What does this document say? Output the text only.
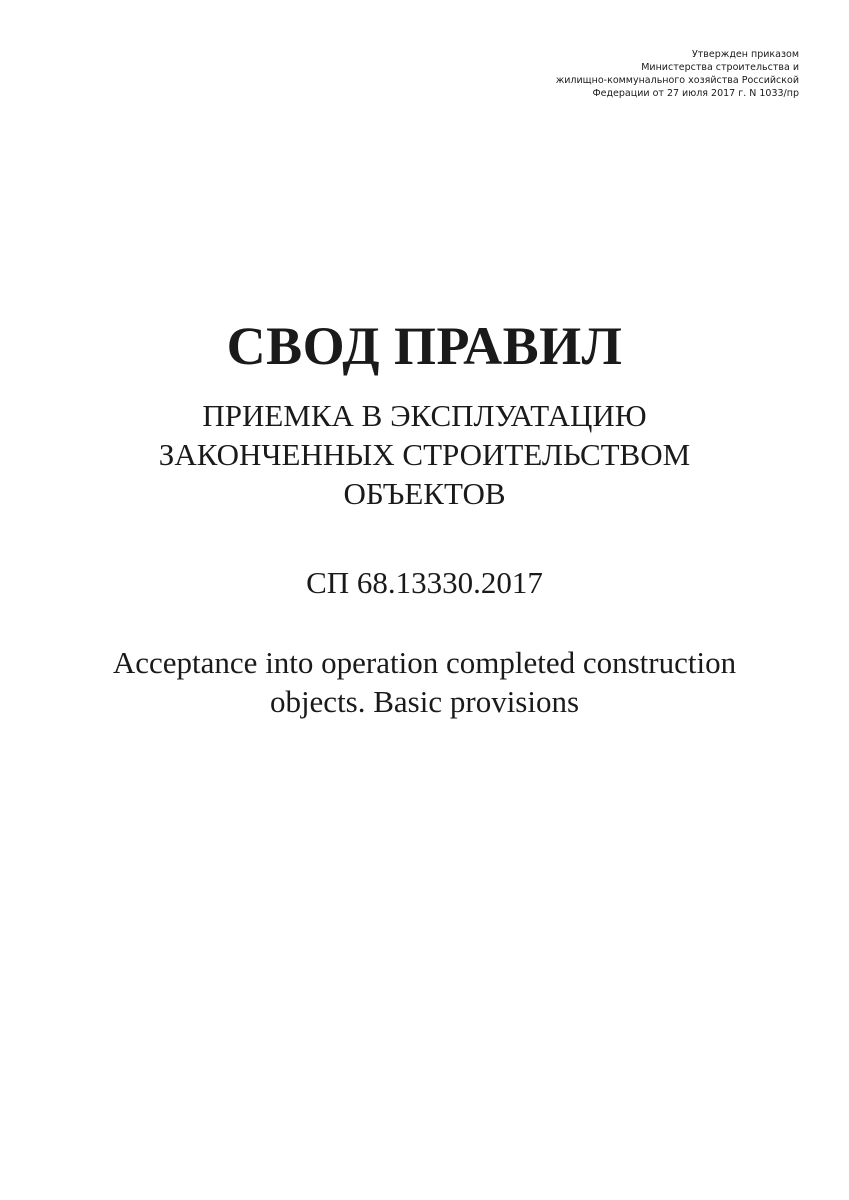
Утвержден приказом
Министерства строительства и
жилищно-коммунального хозяйства Российской
Федерации от 27 июля 2017 г. N 1033/пр
СВОД ПРАВИЛ
ПРИЕМКА В ЭКСПЛУАТАЦИЮ
ЗАКОНЧЕННЫХ СТРОИТЕЛЬСТВОМ
ОБЪЕКТОВ
СП 68.13330.2017
Acceptance into operation completed construction
objects. Basic provisions
